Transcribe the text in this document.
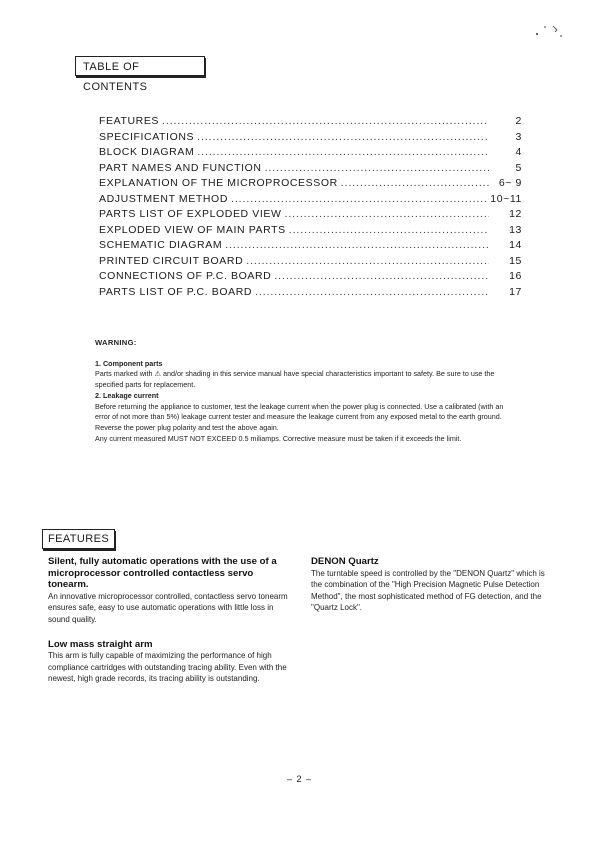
TABLE OF CONTENTS
FEATURES . . .	2
SPECIFICATIONS . . .	3
BLOCK DIAGRAM . . .	4
PART NAMES AND FUNCTION . . .	5
EXPLANATION OF THE MICROPROCESSOR . . .	6~ 9
ADJUSTMENT METHOD . . .	10~11
PARTS LIST OF EXPLODED VIEW . . .	12
EXPLODED VIEW OF MAIN PARTS . . .	13
SCHEMATIC DIAGRAM . . .	14
PRINTED CIRCUIT BOARD . . .	15
CONNECTIONS OF P.C. BOARD . . .	16
PARTS LIST OF P.C. BOARD . . .	17
WARNING:

1. Component parts

Parts marked with ⚠ and/or shading in this service manual have special characteristics important to safety. Be sure to use the specified parts for replacement.

2. Leakage current

Before returning the appliance to customer, test the leakage current when the power plug is connected. Use a calibrated (with an error of not more than 5%) leakage current tester and measure the leakage current from any exposed metal to the earth ground. Reverse the power plug polarity and test the above again.

Any current measured MUST NOT EXCEED 0.5 miliamps. Corrective measure must be taken if it exceeds the limit.

FEATURES
Silent, fully automatic operations with the use of a microprocessor controlled contactless servo tonearm.

An innovative microprocessor controlled, contactless servo tonearm ensures safe, easy to use automatic operations with little loss in sound quality.

Low mass straight arm

This arm is fully capable of maximizing the performance of high compliance cartridges with outstanding tracing ability. Even with the newest, high grade records, its tracing ability is outstanding.

DENON Quartz

The turntable speed is controlled by the "DENON Quartz" which is the combination of the "High Precision Magnetic Pulse Detection Method", the most sophisticated method of FG detection, and the "Quartz Lock".

– 2 –
